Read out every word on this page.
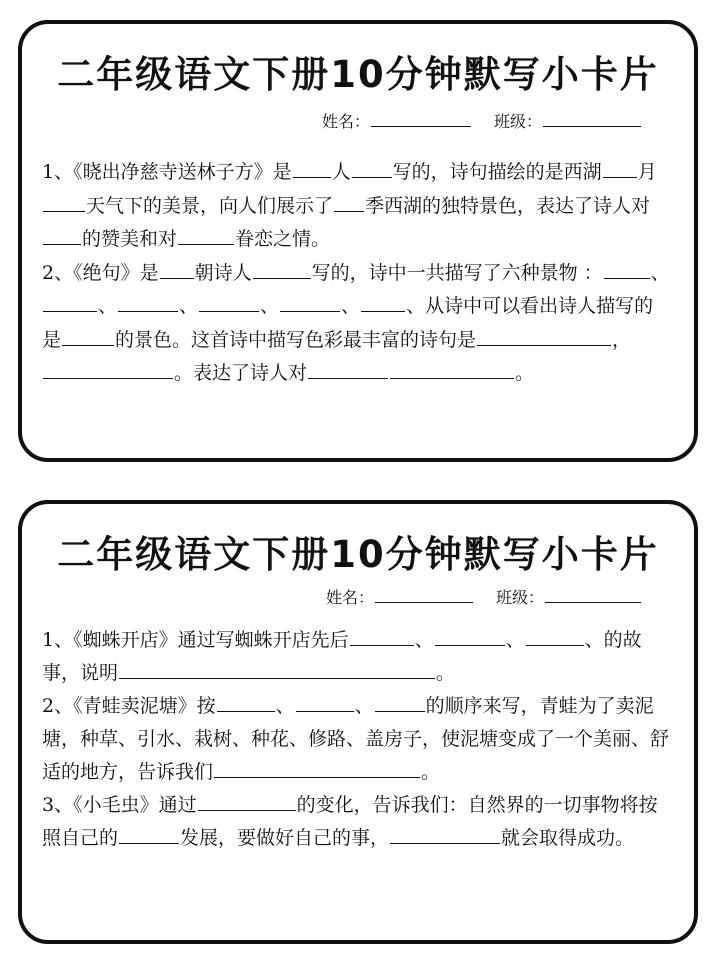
二年级语文下册10分钟默写小卡片
姓名：	班级：

1、《晓出净慈寺送林子方》是 人 写的，诗句描绘的是西湖 月天气下的美景，向人们展示了 季西湖的独特景色，表达了诗人对的赞美和对	眷恋之情。

2、《绝句》是 朝诗人	写的，诗中一共描写了六种景物 ：	、、	、	、	、 、从诗中可以看出诗人描写的是	的景色。这首诗中描写色彩最丰富的诗句是	，。表达了诗人对	。

二年级语文下册10分钟默写小卡片
姓名：	班级：

1、《蜘蛛开店》通过写蜘蛛开店先后	、	、	、的故事，说明	。

2、《青蛙卖泥塘》按	、	、	的顺序来写，青蛙为了卖泥塘，种草、引水、栽树、种花、修路、盖房子，使泥塘变成了一个美丽、舒适的地方，告诉我们	。

3、《小毛虫》通过	的变化，告诉我们：自然界的一切事物将按照自己的	发展，要做好自己的事，	就会取得成功。
